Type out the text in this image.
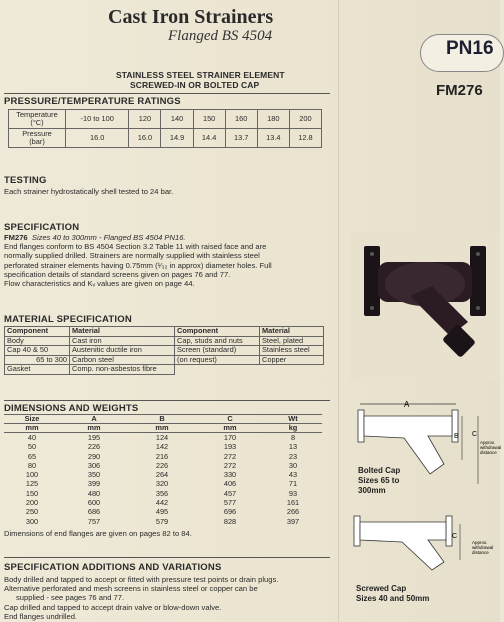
Cast Iron Strainers
Flanged BS 4504
STAINLESS STEEL STRAINER ELEMENT
SCREWED-IN OR BOLTED CAP
PRESSURE/TEMPERATURE RATINGS
Temperature
(°C)	-10 to 100	120	140	150	160	180	200
Pressure
(bar)	16.0	16.0	14.9	14.4	13.7	13.4	12.8
TESTING
Each strainer hydrostatically shell tested to 24 bar.
SPECIFICATION
FM276 Sizes 40 to 300mm - Flanged BS 4504 PN16.
End flanges conform to BS 4504 Section 3.2 Table 11 with raised face and are
normally supplied drilled. Strainers are normally supplied with stainless steel
perforated strainer elements having 0.75mm (¹⁄₃₂ in approx) diameter holes. Full
specification details of standard screens given on pages 76 and 77.
Flow characteristics and Kᵥ values are given on page 44.
MATERIAL SPECIFICATION
Component	Material	Component	Material
Body	Cast iron	Cap, studs and nuts	Steel, plated
Cap 40 & 50	Austenitic ductile iron	Screen (standard)	Stainless steel
65 to 300	Carbon steel	(on request)	Copper
Gasket	Comp. non-asbestos fibre		
DIMENSIONS AND WEIGHTS
Size	A	B	C	Wt
mm	mm	mm	mm	kg
40	195	124	170	8
50	226	142	193	13
65	290	216	272	23
80	306	226	272	30
100	350	264	330	43
125	399	320	406	71
150	480	356	457	93
200	600	442	577	161
250	686	495	696	266
300	757	579	828	397
Dimensions of end flanges are given on pages 82 to 84.
SPECIFICATION ADDITIONS AND VARIATIONS
Body drilled and tapped to accept or fitted with pressure test points or drain plugs.
Alternative perforated and mesh screens in stainless steel or copper can be
supplied - see pages 76 and 77.
Cap drilled and tapped to accept drain valve or blow-down valve.
End flanges undrilled.
PN16
FM276
A
B C
Approx.
withdrawal
distance
Bolted Cap
Sizes 65 to
300mm
C
Approx.
withdrawal
distance
Screwed Cap
Sizes 40 and 50mm
